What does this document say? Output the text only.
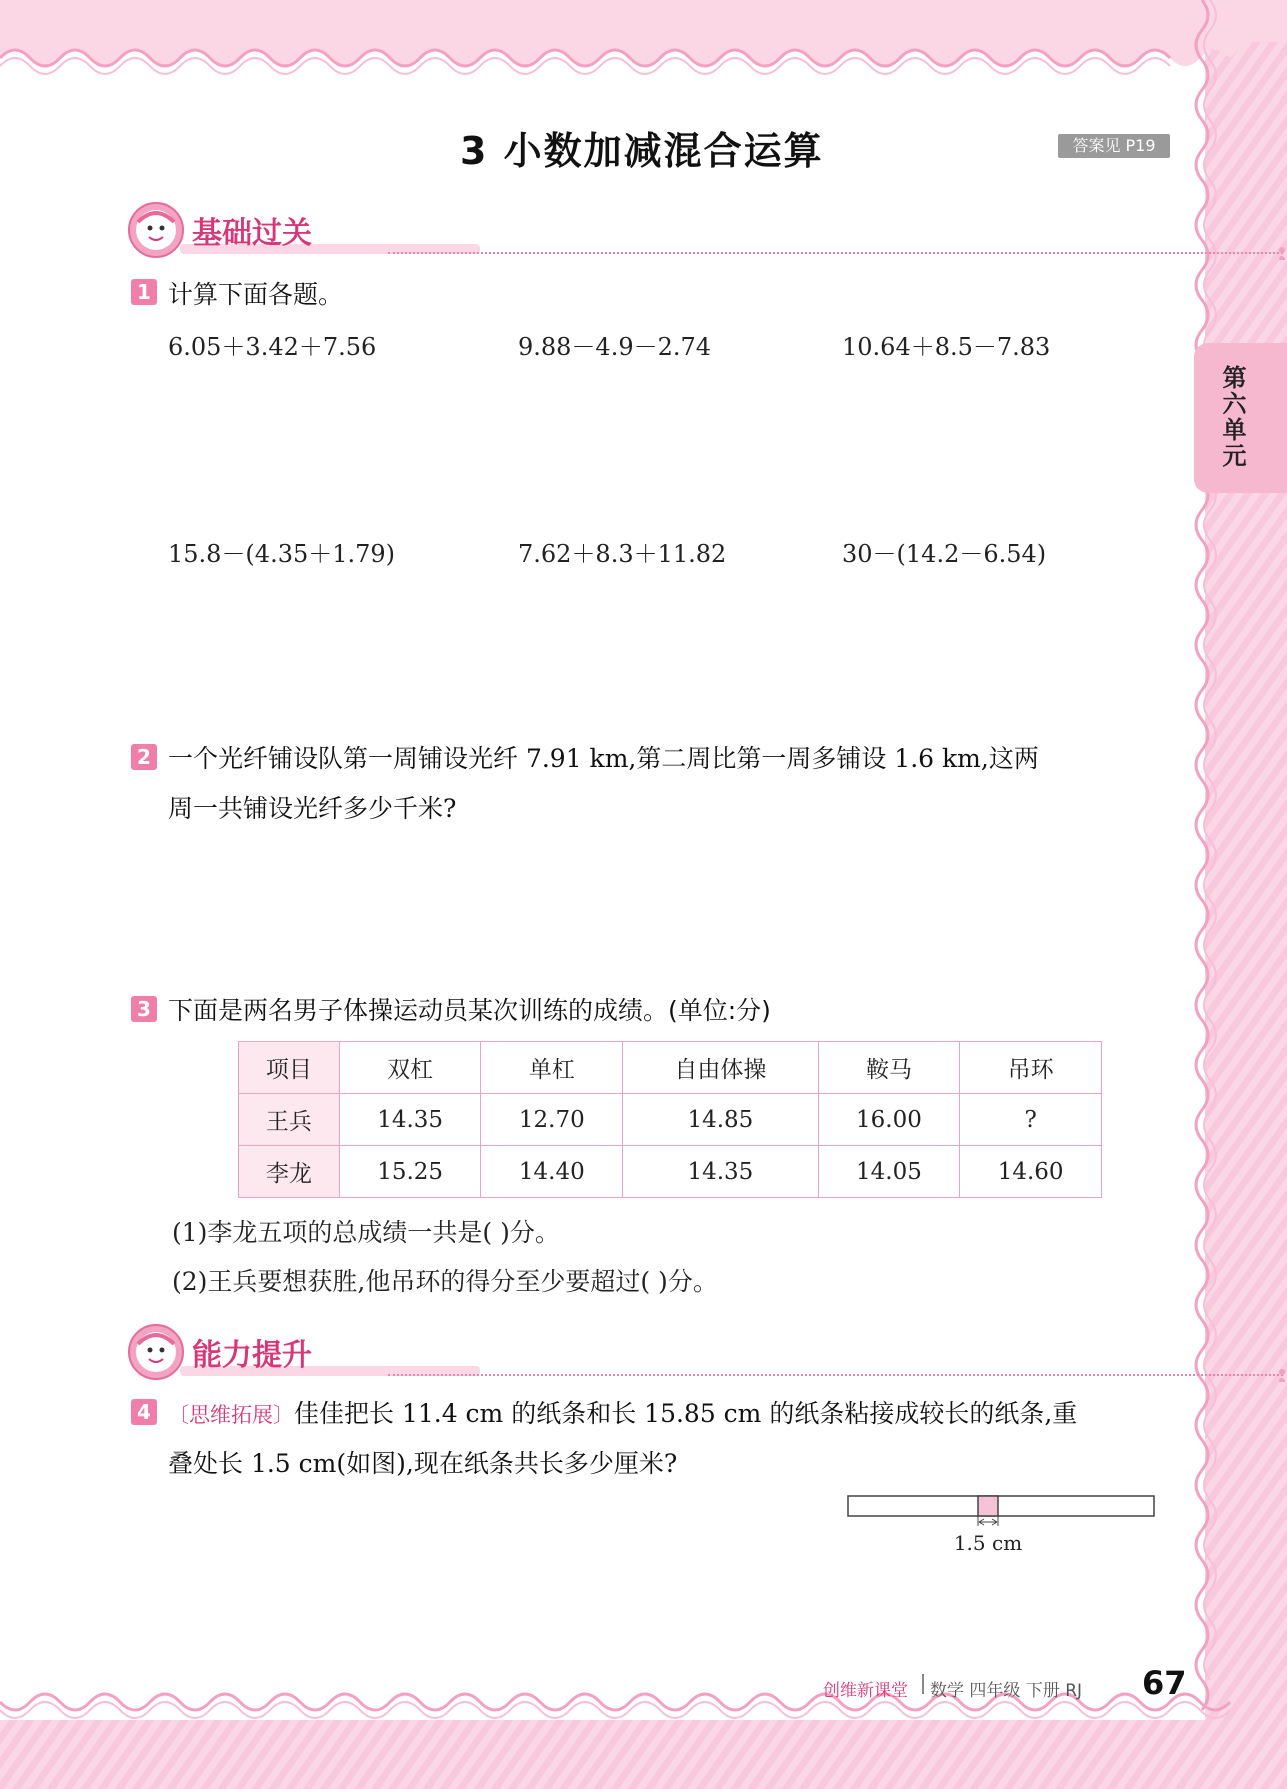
3 小数加减混合运算	答案见 P19
第六单元
基础过关
1 计算下面各题。
6.05＋3.42＋7.56	9.88－4.9－2.74	10.64＋8.5－7.83
15.8－(4.35＋1.79)	7.62＋8.3＋11.82	30－(14.2－6.54)
2 一个光纤铺设队第一周铺设光纤 7.91 km,第二周比第一周多铺设 1.6 km,这两
周一共铺设光纤多少千米?
3 下面是两名男子体操运动员某次训练的成绩。(单位:分)
项目	双杠	单杠	自由体操	鞍马	吊环
王兵	14.35	12.70	14.85	16.00	?
李龙	15.25	14.40	14.35	14.05	14.60
(1)李龙五项的总成绩一共是( )分。
(2)王兵要想获胜,他吊环的得分至少要超过( )分。
能力提升
4 〔思维拓展〕佳佳把长 11.4 cm 的纸条和长 15.85 cm 的纸条粘接成较长的纸条,重
叠处长 1.5 cm(如图),现在纸条共长多少厘米?
1.5 cm
创维新课堂 数学 四年级 下册 RJ 67
